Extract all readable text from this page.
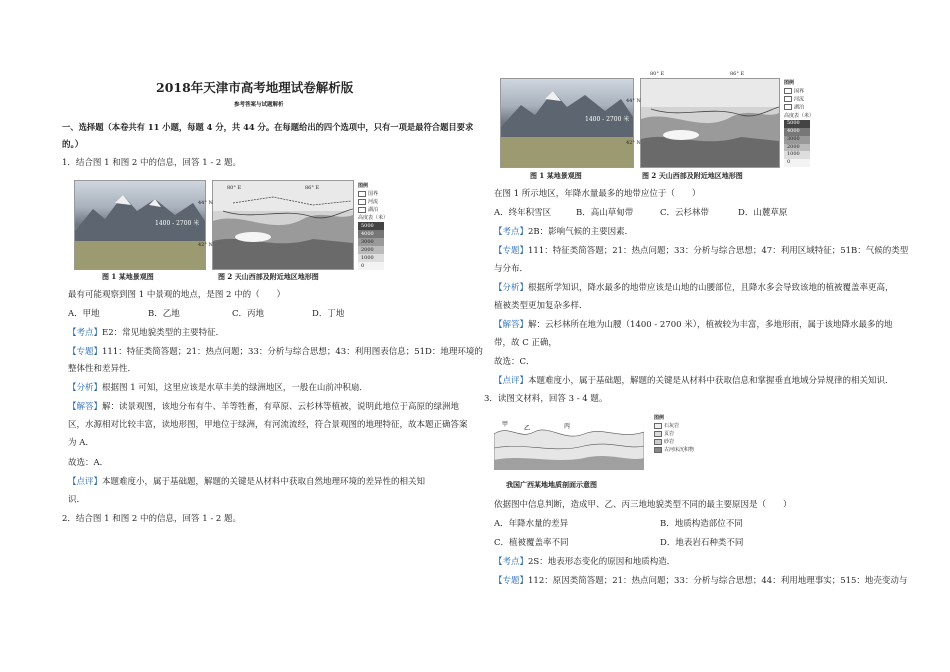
2018年天津市高考地理试卷解析版
参考答案与试题解析
一、选择题（本卷共有 11 小题，每题 4 分，共 44 分。在每题给出的四个选项中，只有一项是最符合题目要求
的。）
1．结合图 1 和图 2 中的信息，回答 1 - 2 题。
1400 - 2700 米
图 1 某地景观图
80° E	86° E
44° N
42° N
图例
国界
河流
湖泊
高度表（米）
5000
4000
3000
2000
1000
0
图 2 天山西部及附近地区地形图
最有可能观察到图 1 中景观的地点，是图 2 中的（　　）
A．甲地	B．乙地	C．丙地	D．丁地
【考点】E2：常见地貌类型的主要特征．
【专题】111：特征类简答题；21：热点问题；33：分析与综合思想；43：利用图表信息；51D：地理环境的
整体性和差异性．
【分析】根据图 1 可知，这里应该是水草丰美的绿洲地区，一般在山前冲积扇．
【解答】解：读景观图，该地分布有牛、羊等牲畜，有草原、云杉林等植被，说明此地位于高原的绿洲地
区，水源相对比较丰富，读地形图，甲地位于绿洲，有河流流经，符合景观图的地理特征，故本题正确答案
为 A．
故选：A．
【点评】本题难度小，属于基础题，解题的关键是从材料中获取自然地理环境的差异性的相关知
识．
2．结合图 1 和图 2 中的信息，回答 1 - 2 题。
1400 - 2700 米
图 1 某地景观图
80° E	86° E
44° N
42° N
图例
国界
河流
湖泊
高度表（米）
5000
4000
3000
2000
1000
0
图 2 天山西部及附近地区地形图
在图 1 所示地区，年降水量最多的地带应位于（　　）
A．终年积雪区	B．高山草甸带	C．云杉林带	D．山麓草原
【考点】2B：影响气候的主要因素．
【专题】111：特征类简答题；21：热点问题；33：分析与综合思想；47：利用区域特征；51B：气候的类型
与分布．
【分析】根据所学知识，降水最多的地带应该是山地的山腰部位，且降水多会导致该地的植被覆盖率更高，
植被类型更加复杂多样．
【解答】解：云杉林所在地为山腰（1400 - 2700 米），植被较为丰富，多地形雨，属于该地降水最多的地
带，故 C 正确，
故选：C．
【点评】本题难度小，属于基础题，解题的关键是从材料中获取信息和掌握垂直地域分异规律的相关知识．
3．读图文材料，回答 3 - 4 题。
甲
乙	丙
图例
石灰岩
页岩
砂岩
古河床沉积物
我国广西某地地质剖面示意图
依据图中信息判断，造成甲、乙、丙三地地貌类型不同的最主要原因是（　　）
A．年降水量的差异	B．地质构造部位不同
C．植被覆盖率不同	D．地表岩石种类不同
【考点】2S：地表形态变化的原因和地质构造．
【专题】112：原因类简答题；21：热点问题；33：分析与综合思想；44：利用地理事实；515：地壳变动与
